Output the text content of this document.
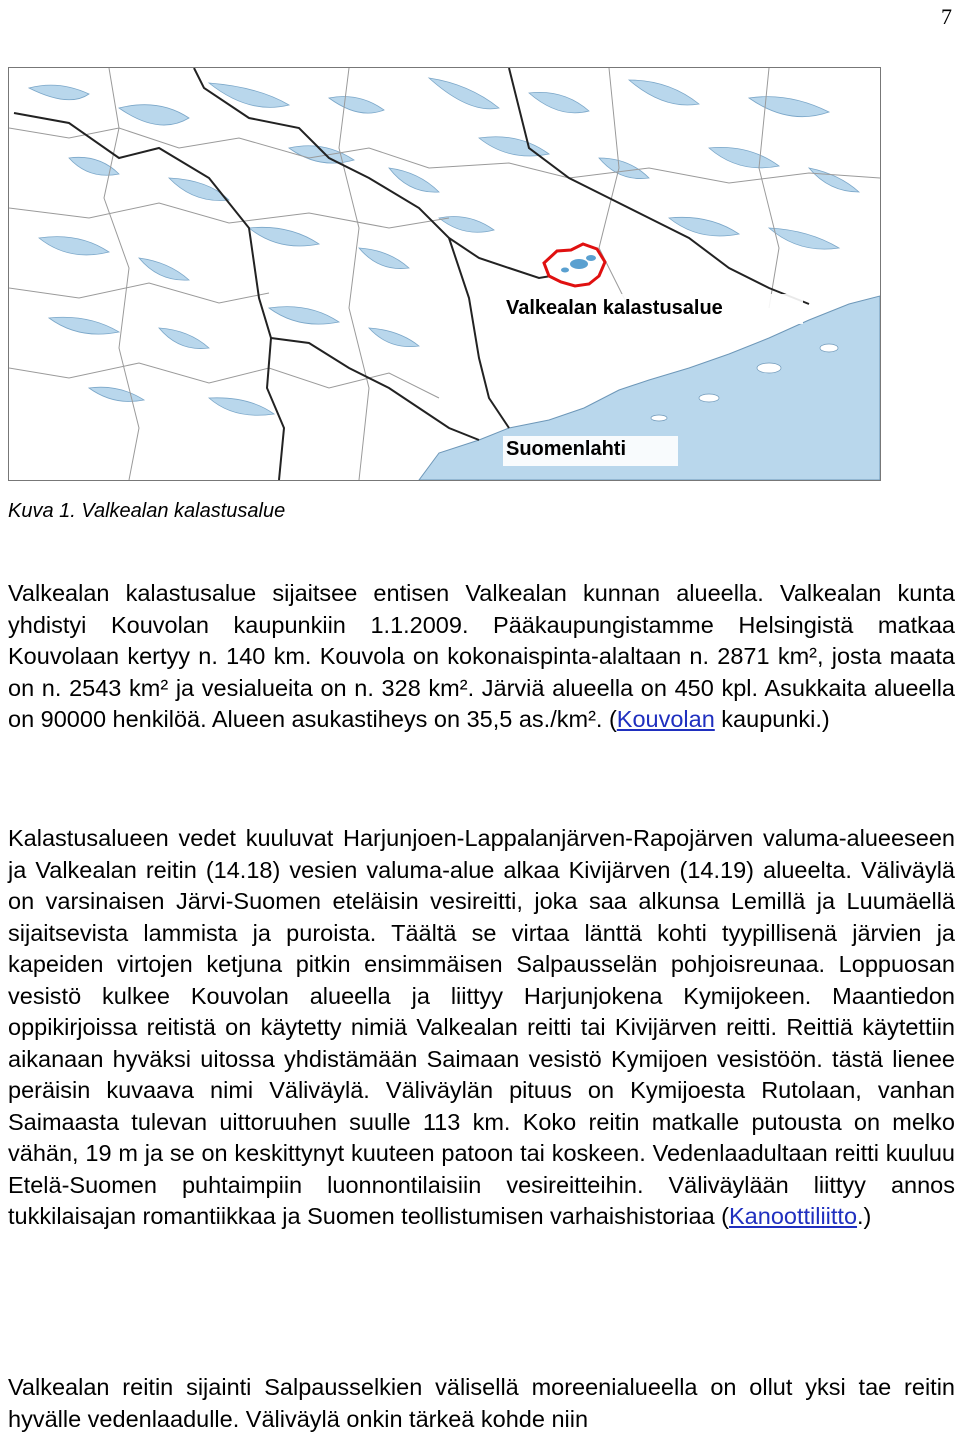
7
Valkealan kalastusalue
Suomenlahti
Kuva 1. Valkealan kalastusalue

Valkealan kalastusalue sijaitsee entisen Valkealan kunnan alueella. Valkealan kunta yhdistyi Kouvolan kaupunkiin 1.1.2009. Pääkaupungistamme Helsingistä matkaa Kouvolaan kertyy n. 140 km. Kouvola on kokonaispinta-alaltaan n. 2871 km², josta maata on n. 2543 km² ja vesialueita on n. 328 km². Järviä alueella on 450 kpl. Asukkaita alueella on 90000 henkilöä. Alueen asukastiheys on 35,5 as./km². (Kouvolan kaupunki.)

Kalastusalueen vedet kuuluvat Harjunjoen-Lappalanjärven-Rapojärven valuma-alueeseen ja Valkealan reitin (14.18) vesien valuma-alue alkaa Kivijärven (14.19) alueelta. Väliväylä on varsinaisen Järvi-Suomen eteläisin vesireitti, joka saa alkunsa Lemillä ja Luumäellä sijaitsevista lammista ja puroista. Täältä se virtaa länttä kohti tyypillisenä järvien ja kapeiden virtojen ketjuna pitkin ensimmäisen Salpausselän pohjoisreunaa. Loppuosan vesistö kulkee Kouvolan alueella ja liittyy Harjunjokena Kymijokeen. Maantiedon oppikirjoissa reitistä on käytetty nimiä Valkealan reitti tai Kivijärven reitti. Reittiä käytettiin aikanaan hyväksi uitossa yhdistämään Saimaan vesistö Kymijoen vesistöön. tästä lienee peräisin kuvaava nimi Väliväylä. Väliväylän pituus on Kymijoesta Rutolaan, vanhan Saimaasta tulevan uittoruuhen suulle 113 km. Koko reitin matkalle putousta on melko vähän, 19 m ja se on keskittynyt kuuteen patoon tai koskeen. Vedenlaadultaan reitti kuuluu Etelä-Suomen puhtaimpiin luonnontilaisiin vesireitteihin. Väliväylään liittyy annos tukkilaisajan romantiikkaa ja Suomen teollistumisen varhaishistoriaa (Kanoottiliitto.)

Valkealan reitin sijainti Salpausselkien välisellä moreenialueella on ollut yksi tae reitin hyvälle vedenlaadulle. Väliväylä onkin tärkeä kohde niin
